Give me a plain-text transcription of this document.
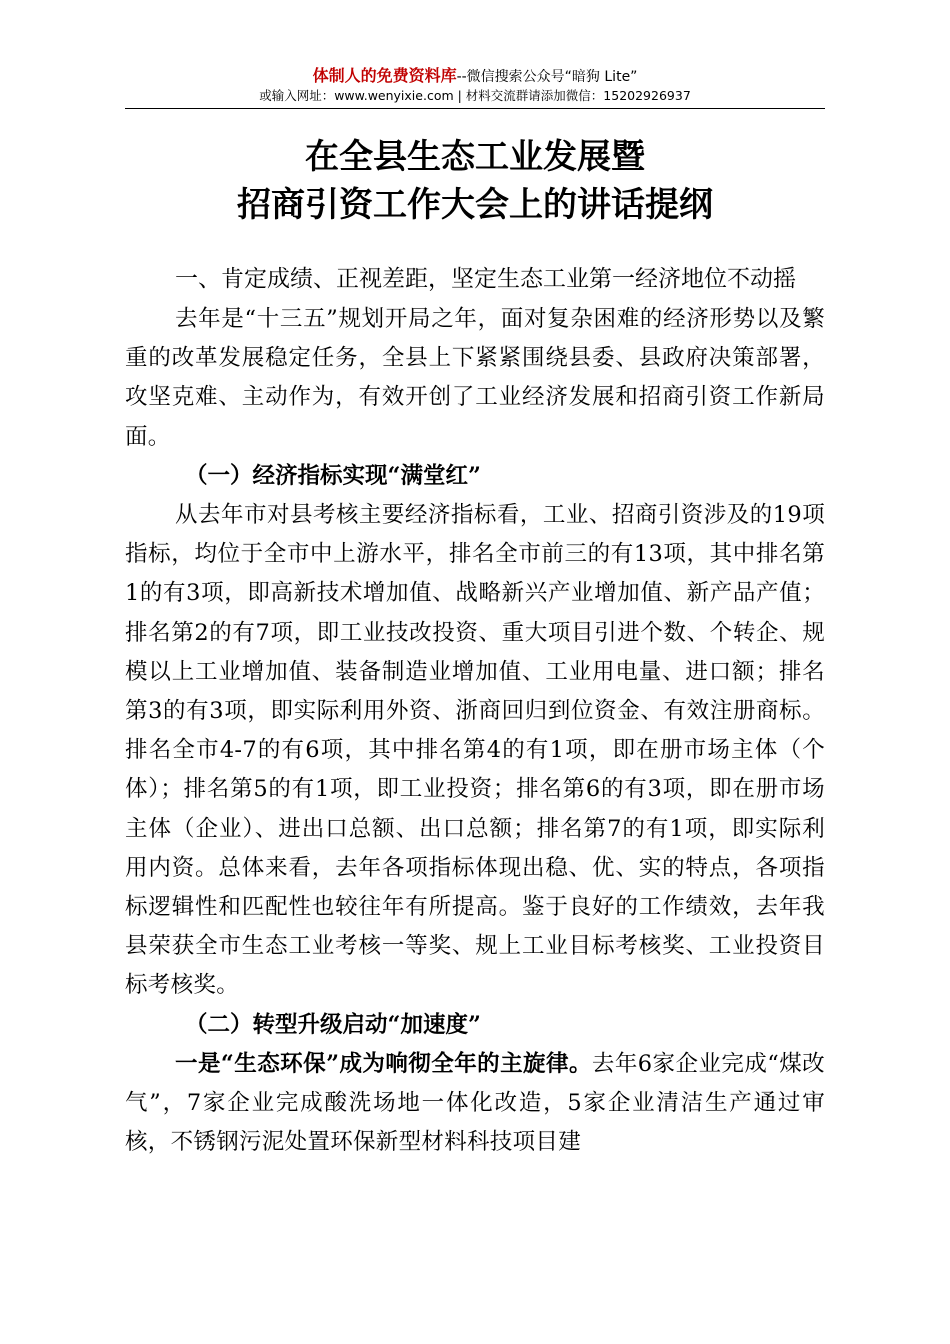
体制人的免费资料库--微信搜索公众号“暗狗 Lite”
或输入网址：www.wenyixie.com | 材料交流群请添加微信：15202926937
在全县生态工业发展暨
招商引资工作大会上的讲话提纲

一、肯定成绩、正视差距，坚定生态工业第一经济地位不动摇

去年是“十三五”规划开局之年，面对复杂困难的经济形势以及繁重的改革发展稳定任务，全县上下紧紧围绕县委、县政府决策部署，攻坚克难、主动作为，有效开创了工业经济发展和招商引资工作新局面。

（一）经济指标实现“满堂红”

从去年市对县考核主要经济指标看，工业、招商引资涉及的19项指标，均位于全市中上游水平，排名全市前三的有13项，其中排名第1的有3项，即高新技术增加值、战略新兴产业增加值、新产品产值；排名第2的有7项，即工业技改投资、重大项目引进个数、个转企、规模以上工业增加值、装备制造业增加值、工业用电量、进口额；排名第3的有3项，即实际利用外资、浙商回归到位资金、有效注册商标。排名全市4-7的有6项，其中排名第4的有1项，即在册市场主体（个体）；排名第5的有1项，即工业投资；排名第6的有3项，即在册市场主体（企业）、进出口总额、出口总额；排名第7的有1项，即实际利用内资。总体来看，去年各项指标体现出稳、优、实的特点，各项指标逻辑性和匹配性也较往年有所提高。鉴于良好的工作绩效，去年我县荣获全市生态工业考核一等奖、规上工业目标考核奖、工业投资目标考核奖。

（二）转型升级启动“加速度”

一是“生态环保”成为响彻全年的主旋律。去年6家企业完成“煤改气”，7家企业完成酸洗场地一体化改造，5家企业清洁生产通过审核，不锈钢污泥处置环保新型材料科技项目建
